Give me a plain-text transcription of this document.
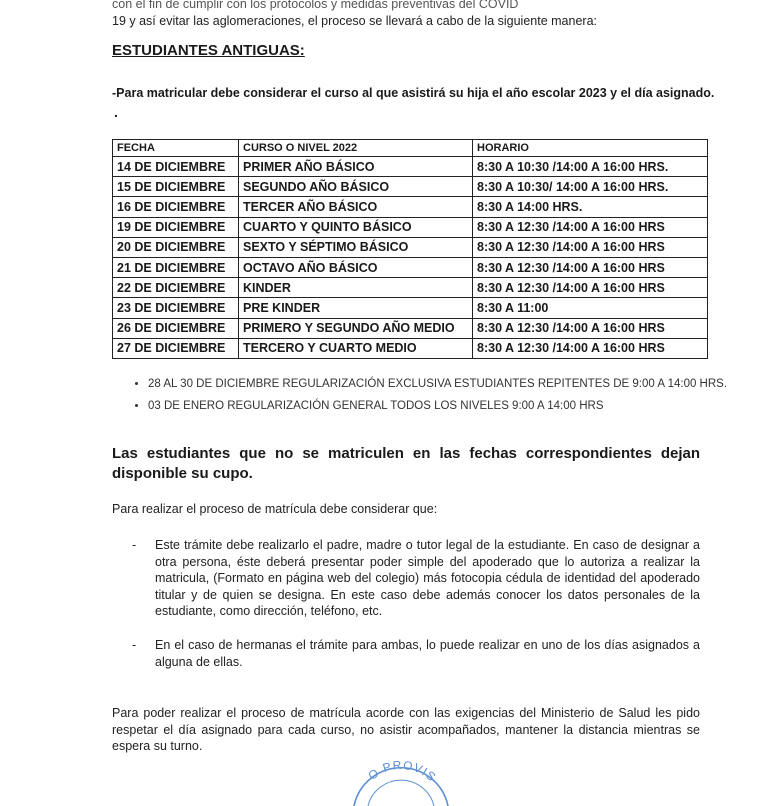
con el fin de cumplir con los protocolos y medidas preventivas del COVID
19 y así evitar las aglomeraciones, el proceso se llevará a cabo de la siguiente manera:
ESTUDIANTES ANTIGUAS:
-Para matricular debe considerar el curso al que asistirá su hija el año escolar 2023 y el día asignado.
.
FECHA	CURSO O NIVEL 2022	HORARIO
14 DE DICIEMBRE	PRIMER AÑO BÁSICO	8:30 A 10:30 /14:00 A 16:00 HRS.
15 DE DICIEMBRE	SEGUNDO AÑO BÁSICO	8:30 A 10:30/ 14:00 A 16:00 HRS.
16 DE DICIEMBRE	TERCER AÑO BÁSICO	8:30 A 14:00 HRS.
19 DE DICIEMBRE	CUARTO Y QUINTO BÁSICO	8:30 A 12:30 /14:00 A 16:00 HRS
20 DE DICIEMBRE	SEXTO Y SÉPTIMO BÁSICO	8:30 A 12:30 /14:00 A 16:00 HRS
21 DE DICIEMBRE	OCTAVO AÑO BÁSICO	8:30 A 12:30 /14:00 A 16:00 HRS
22 DE DICIEMBRE	KINDER	8:30 A 12:30 /14:00 A 16:00 HRS
23 DE DICIEMBRE	PRE KINDER	8:30 A 11:00
26 DE DICIEMBRE	PRIMERO Y SEGUNDO AÑO MEDIO	8:30 A 12:30 /14:00 A 16:00 HRS
27 DE DICIEMBRE	TERCERO Y CUARTO MEDIO	8:30 A 12:30 /14:00 A 16:00 HRS
• 28 AL 30 DE DICIEMBRE REGULARIZACIÓN EXCLUSIVA ESTUDIANTES REPITENTES DE 9:00 A 14:00 HRS.
• 03 DE ENERO REGULARIZACIÓN GENERAL TODOS LOS NIVELES 9:00 A 14:00 HRS
Las estudiantes que no se matriculen en las fechas correspondientes dejan disponible su cupo.
Para realizar el proceso de matrícula debe considerar que:
- Este trámite debe realizarlo el padre, madre o tutor legal de la estudiante. En caso de designar a otra persona, éste deberá presentar poder simple del apoderado que lo autoriza a realizar la matricula, (Formato en página web del colegio) más fotocopia cédula de identidad del apoderado titular y de quien se designa. En este caso debe además conocer los datos personales de la estudiante, como dirección, teléfono, etc.
- En el caso de hermanas el trámite para ambas, lo puede realizar en uno de los días asignados a alguna de ellas.
Para poder realizar el proceso de matrícula acorde con las exigencias del Ministerio de Salud les pido respetar el día asignado para cada curso, no asistir acompañados, mantener la distancia mientras se espera su turno.
O PROVIS
